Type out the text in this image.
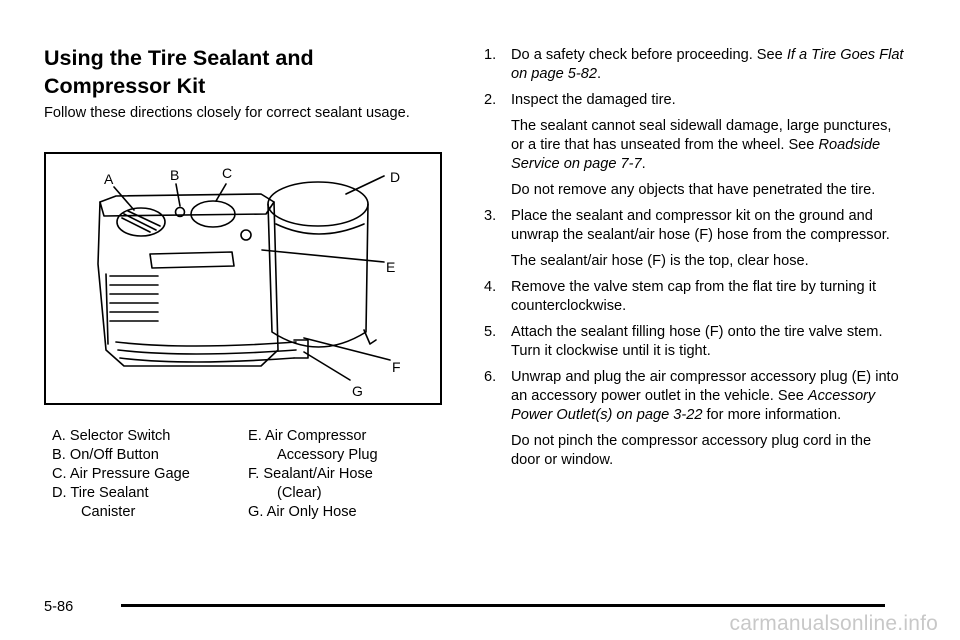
Using the Tire Sealant and Compressor Kit

Follow these directions closely for correct sealant usage.

A	B	C	D
E
F
G
A. Selector Switch
B. On/Off Button
C. Air Pressure Gage
D. Tire Sealant
Canister
E. Air Compressor
Accessory Plug
F. Sealant/Air Hose
(Clear)
G. Air Only Hose
1. Do a safety check before proceeding. See If a Tire Goes Flat on page 5-82.
2. Inspect the damaged tire.
The sealant cannot seal sidewall damage, large punctures, or a tire that has unseated from the wheel. See Roadside Service on page 7-7.
Do not remove any objects that have penetrated the tire.
3. Place the sealant and compressor kit on the ground and unwrap the sealant/air hose (F) hose from the compressor.
The sealant/air hose (F) is the top, clear hose.
4. Remove the valve stem cap from the flat tire by turning it counterclockwise.
5. Attach the sealant filling hose (F) onto the tire valve stem. Turn it clockwise until it is tight.
6. Unwrap and plug the air compressor accessory plug (E) into an accessory power outlet in the vehicle. See Accessory Power Outlet(s) on page 3-22 for more information.
Do not pinch the compressor accessory plug cord in the door or window.
5-86
carmanualsonline.info
